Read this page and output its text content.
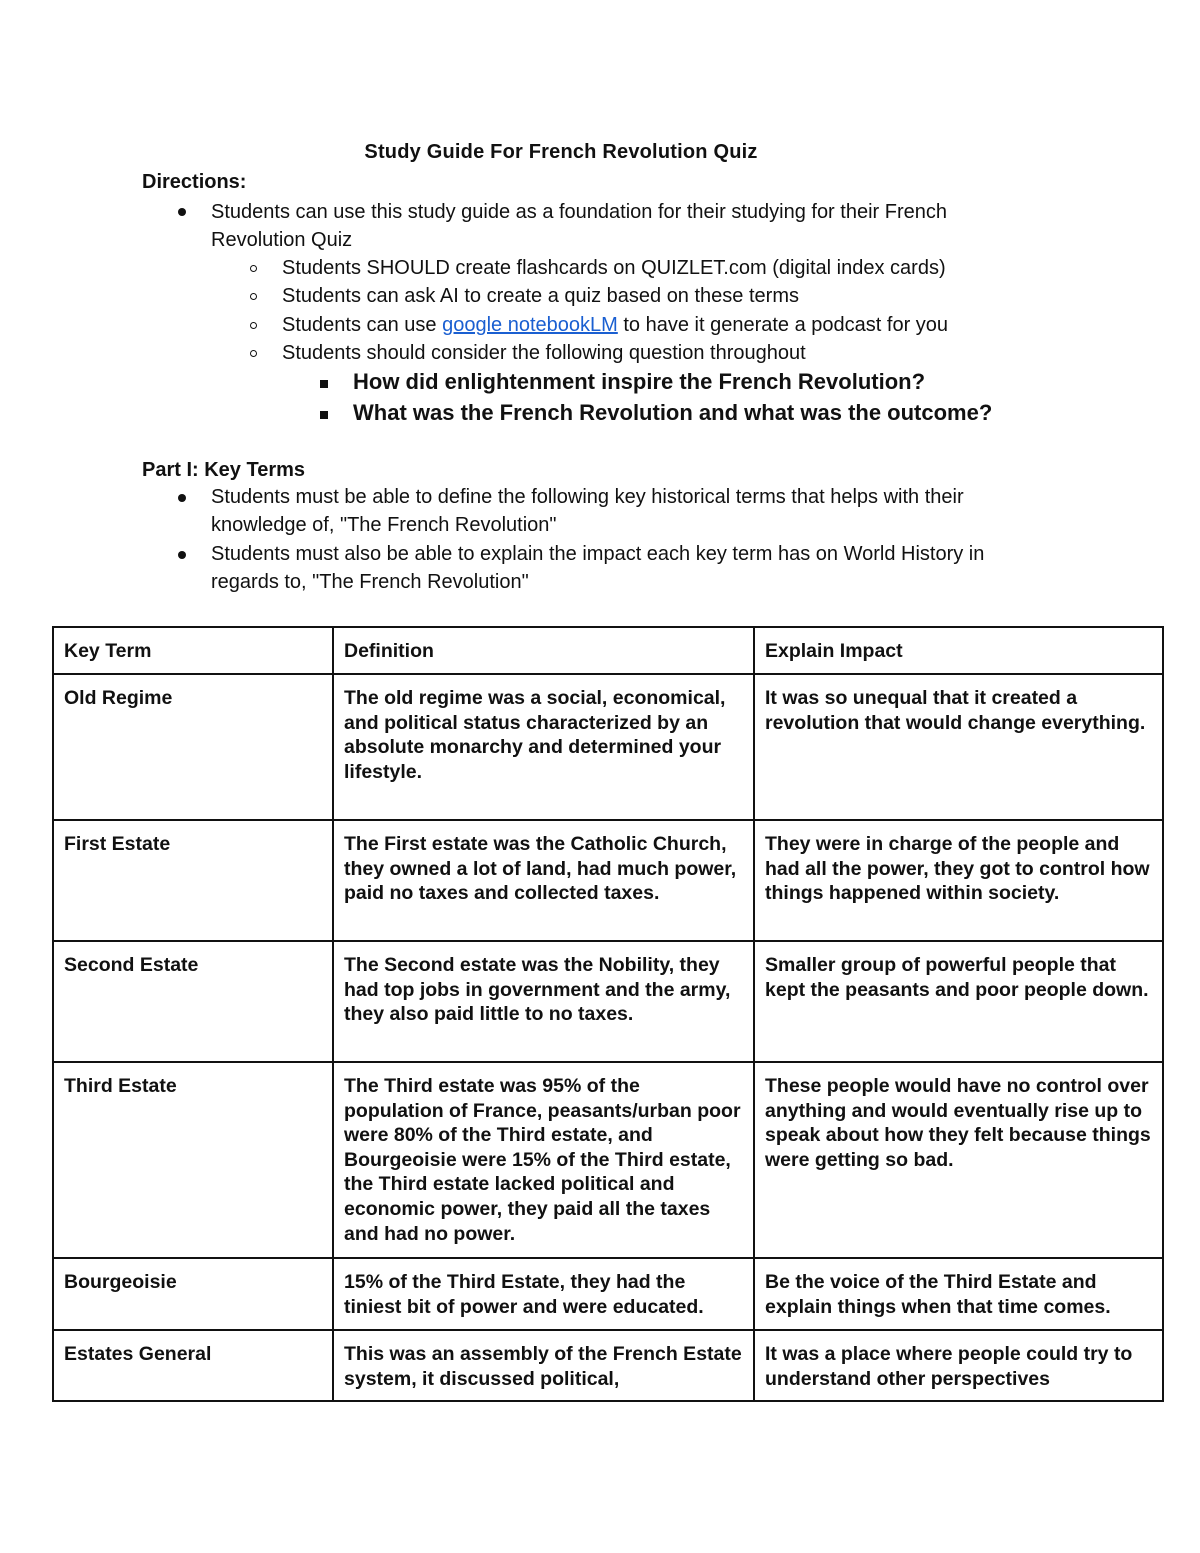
Study Guide For French Revolution Quiz
Directions:
Students can use this study guide as a foundation for their studying for their French
Revolution Quiz
Students SHOULD create flashcards on QUIZLET.com (digital index cards)
Students can ask AI to create a quiz based on these terms
Students can use google notebookLM to have it generate a podcast for you
Students should consider the following question throughout
How did enlightenment inspire the French Revolution?
What was the French Revolution and what was the outcome?
Part I: Key Terms
Students must be able to define the following key historical terms that helps with their
knowledge of, "The French Revolution"
Students must also be able to explain the impact each key term has on World History in
regards to, "The French Revolution"
Key Term	Definition	Explain Impact
Old Regime	The old regime was a social, economical, and political status characterized by an absolute monarchy and determined your lifestyle.	It was so unequal that it created a revolution that would change everything.
First Estate	The First estate was the Catholic Church, they owned a lot of land, had much power, paid no taxes and collected taxes.	They were in charge of the people and had all the power, they got to control how things happened within society.
Second Estate	The Second estate was the Nobility, they had top jobs in government and the army, they also paid little to no taxes.	Smaller group of powerful people that kept the peasants and poor people down.
Third Estate	The Third estate was 95% of the population of France, peasants/urban poor were 80% of the Third estate, and Bourgeoisie were 15% of the Third estate, the Third estate lacked political and economic power, they paid all the taxes and had no power.	These people would have no control over anything and would eventually rise up to speak about how they felt because things were getting so bad.
Bourgeoisie	15% of the Third Estate, they had the tiniest bit of power and were educated.	Be the voice of the Third Estate and explain things when that time comes.
Estates General	This was an assembly of the French Estate system, it discussed political,	It was a place where people could try to understand other perspectives
